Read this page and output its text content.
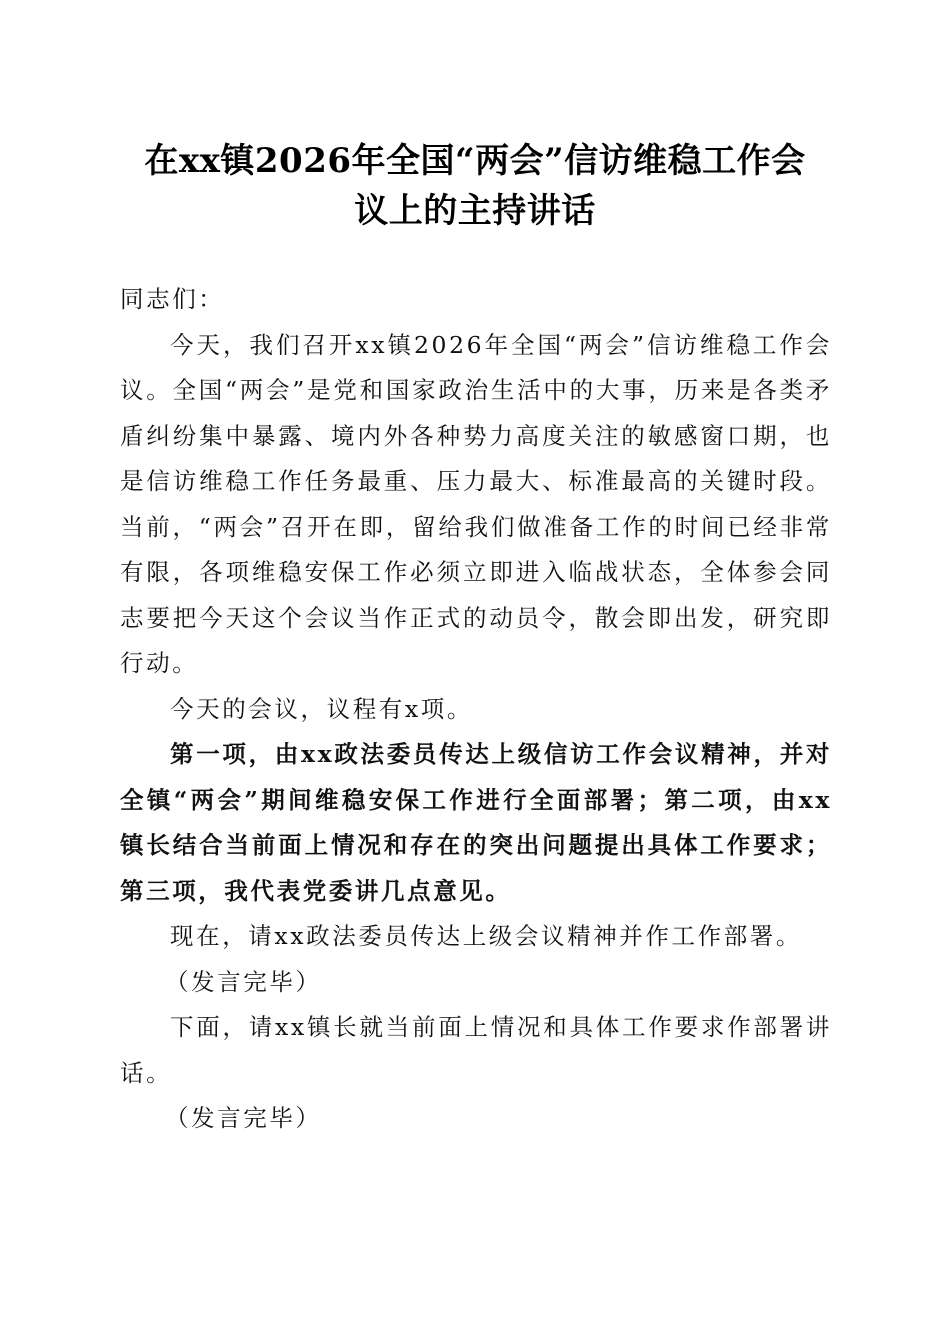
在xx镇2026年全国“两会”信访维稳工作会
议上的主持讲话

同志们：

今天，我们召开xx镇2026年全国“两会”信访维稳工作会议。全国“两会”是党和国家政治生活中的大事，历来是各类矛盾纠纷集中暴露、境内外各种势力高度关注的敏感窗口期，也是信访维稳工作任务最重、压力最大、标准最高的关键时段。当前，“两会”召开在即，留给我们做准备工作的时间已经非常有限，各项维稳安保工作必须立即进入临战状态，全体参会同志要把今天这个会议当作正式的动员令，散会即出发，研究即行动。

今天的会议，议程有x项。

第一项，由xx政法委员传达上级信访工作会议精神，并对全镇“两会”期间维稳安保工作进行全面部署；第二项，由xx镇长结合当前面上情况和存在的突出问题提出具体工作要求；第三项，我代表党委讲几点意见。

现在，请xx政法委员传达上级会议精神并作工作部署。

（发言完毕）

下面，请xx镇长就当前面上情况和具体工作要求作部署讲话。

（发言完毕）
